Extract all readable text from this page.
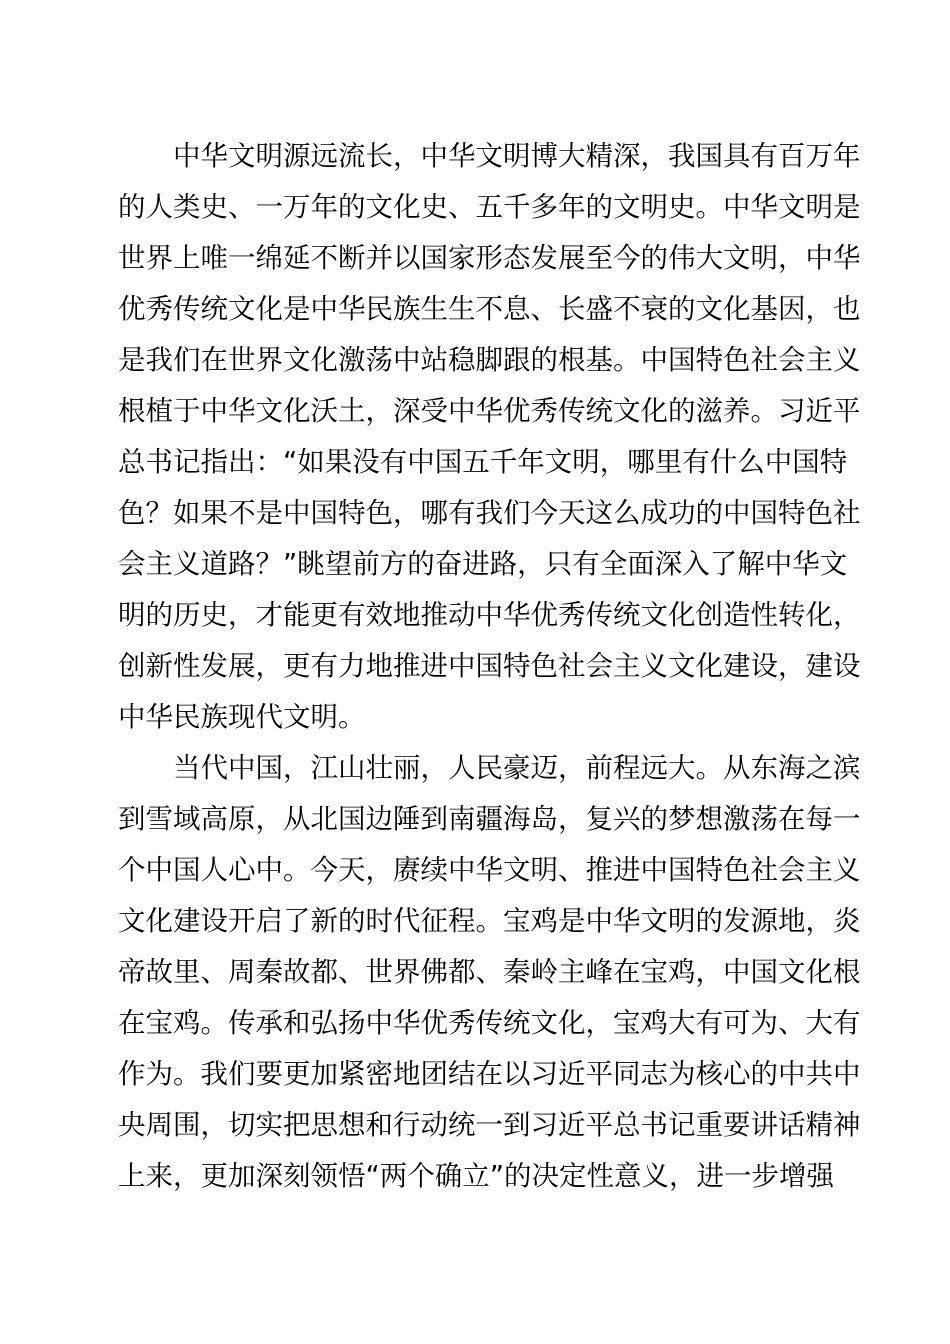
中华文明源远流长，中华文明博大精深，我国具有百万年
的人类史、一万年的文化史、五千多年的文明史。中华文明是
世界上唯一绵延不断并以国家形态发展至今的伟大文明，中华
优秀传统文化是中华民族生生不息、长盛不衰的文化基因，也
是我们在世界文化激荡中站稳脚跟的根基。中国特色社会主义
根植于中华文化沃土，深受中华优秀传统文化的滋养。习近平
总书记指出：“如果没有中国五千年文明，哪里有什么中国特
色？如果不是中国特色，哪有我们今天这么成功的中国特色社
会主义道路？”眺望前方的奋进路，只有全面深入了解中华文
明的历史，才能更有效地推动中华优秀传统文化创造性转化，
创新性发展，更有力地推进中国特色社会主义文化建设，建设
中华民族现代文明。
当代中国，江山壮丽，人民豪迈，前程远大。从东海之滨
到雪域高原，从北国边陲到南疆海岛，复兴的梦想激荡在每一
个中国人心中。今天，赓续中华文明、推进中国特色社会主义
文化建设开启了新的时代征程。宝鸡是中华文明的发源地，炎
帝故里、周秦故都、世界佛都、秦岭主峰在宝鸡，中国文化根
在宝鸡。传承和弘扬中华优秀传统文化，宝鸡大有可为、大有
作为。我们要更加紧密地团结在以习近平同志为核心的中共中
央周围，切实把思想和行动统一到习近平总书记重要讲话精神
上来，更加深刻领悟“两个确立”的决定性意义，进一步增强
